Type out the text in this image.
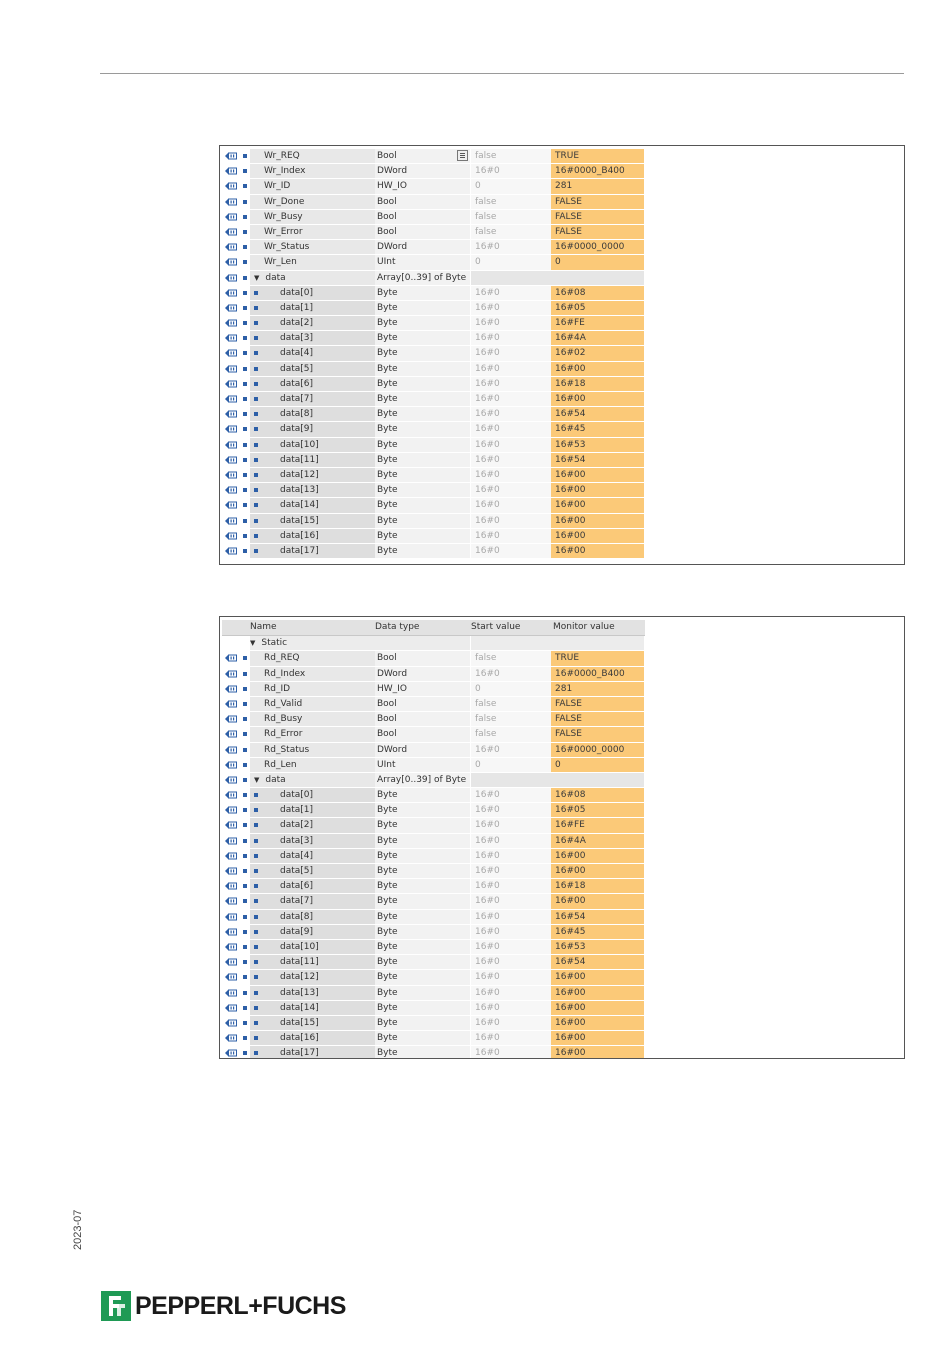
Wr_REQ	Bool	false	TRUE
Wr_Index	DWord	16#0	16#0000_B400
Wr_ID	HW_IO	0	281
Wr_Done	Bool	false	FALSE
Wr_Busy	Bool	false	FALSE
Wr_Error	Bool	false	FALSE
Wr_Status	DWord	16#0	16#0000_0000
Wr_Len	UInt	0	0
▼ data	Array[0..39] of Byte
data[0]	Byte	16#0	16#08
data[1]	Byte	16#0	16#05
data[2]	Byte	16#0	16#FE
data[3]	Byte	16#0	16#4A
data[4]	Byte	16#0	16#02
data[5]	Byte	16#0	16#00
data[6]	Byte	16#0	16#18
data[7]	Byte	16#0	16#00
data[8]	Byte	16#0	16#54
data[9]	Byte	16#0	16#45
data[10]	Byte	16#0	16#53
data[11]	Byte	16#0	16#54
data[12]	Byte	16#0	16#00
data[13]	Byte	16#0	16#00
data[14]	Byte	16#0	16#00
data[15]	Byte	16#0	16#00
data[16]	Byte	16#0	16#00
data[17]	Byte	16#0	16#00
Name	Data type	Start value	Monitor value
▼ Static
Rd_REQ	Bool	false	TRUE
Rd_Index	DWord	16#0	16#0000_B400
Rd_ID	HW_IO	0	281
Rd_Valid	Bool	false	FALSE
Rd_Busy	Bool	false	FALSE
Rd_Error	Bool	false	FALSE
Rd_Status	DWord	16#0	16#0000_0000
Rd_Len	UInt	0	0
▼ data	Array[0..39] of Byte
data[0]	Byte	16#0	16#08
data[1]	Byte	16#0	16#05
data[2]	Byte	16#0	16#FE
data[3]	Byte	16#0	16#4A
data[4]	Byte	16#0	16#00
data[5]	Byte	16#0	16#00
data[6]	Byte	16#0	16#18
data[7]	Byte	16#0	16#00
data[8]	Byte	16#0	16#54
data[9]	Byte	16#0	16#45
data[10]	Byte	16#0	16#53
data[11]	Byte	16#0	16#54
data[12]	Byte	16#0	16#00
data[13]	Byte	16#0	16#00
data[14]	Byte	16#0	16#00
data[15]	Byte	16#0	16#00
data[16]	Byte	16#0	16#00
data[17]	Byte	16#0	16#00
2023-07
PEPPERL+FUCHS
